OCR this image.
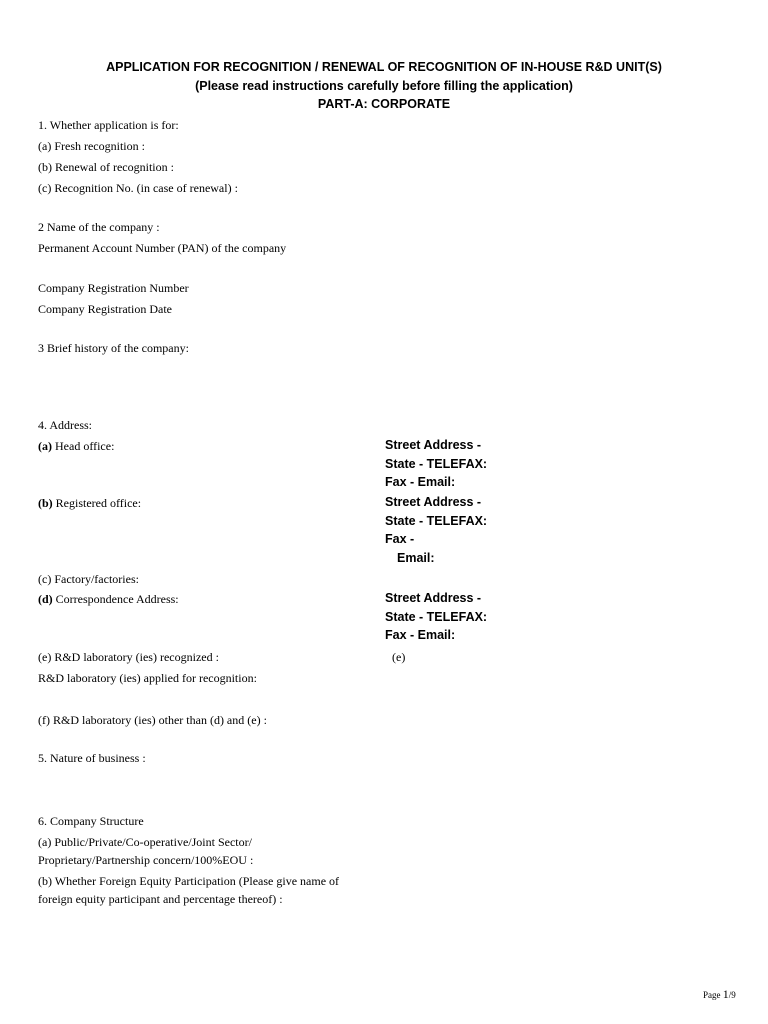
APPLICATION FOR RECOGNITION / RENEWAL OF RECOGNITION OF IN-HOUSE R&D UNIT(S)
(Please read instructions carefully before filling the application)
PART-A: CORPORATE
1. Whether application is for:
(a) Fresh recognition :
(b) Renewal of recognition :
(c) Recognition No. (in case of renewal) :
2 Name of the company :
Permanent Account Number (PAN) of the company
Company Registration Number
Company Registration Date
3 Brief history of the company:
4. Address:
(a) Head office:	Street Address -
State - TELEFAX:
Fax - Email:
(b) Registered office:	Street Address -
State - TELEFAX:
Fax -
Email:
(c) Factory/factories:
(d) Correspondence Address:	Street Address -
State - TELEFAX:
Fax - Email:
(e) R&D laboratory (ies) recognized :	(e)
R&D laboratory (ies) applied for recognition:
(f) R&D laboratory (ies) other than (d) and (e) :
5. Nature of business :
6. Company Structure
(a) Public/Private/Co-operative/Joint Sector/
Proprietary/Partnership concern/100%EOU :
(b) Whether Foreign Equity Participation (Please give name of
foreign equity participant and percentage thereof) :
Page 1/9
